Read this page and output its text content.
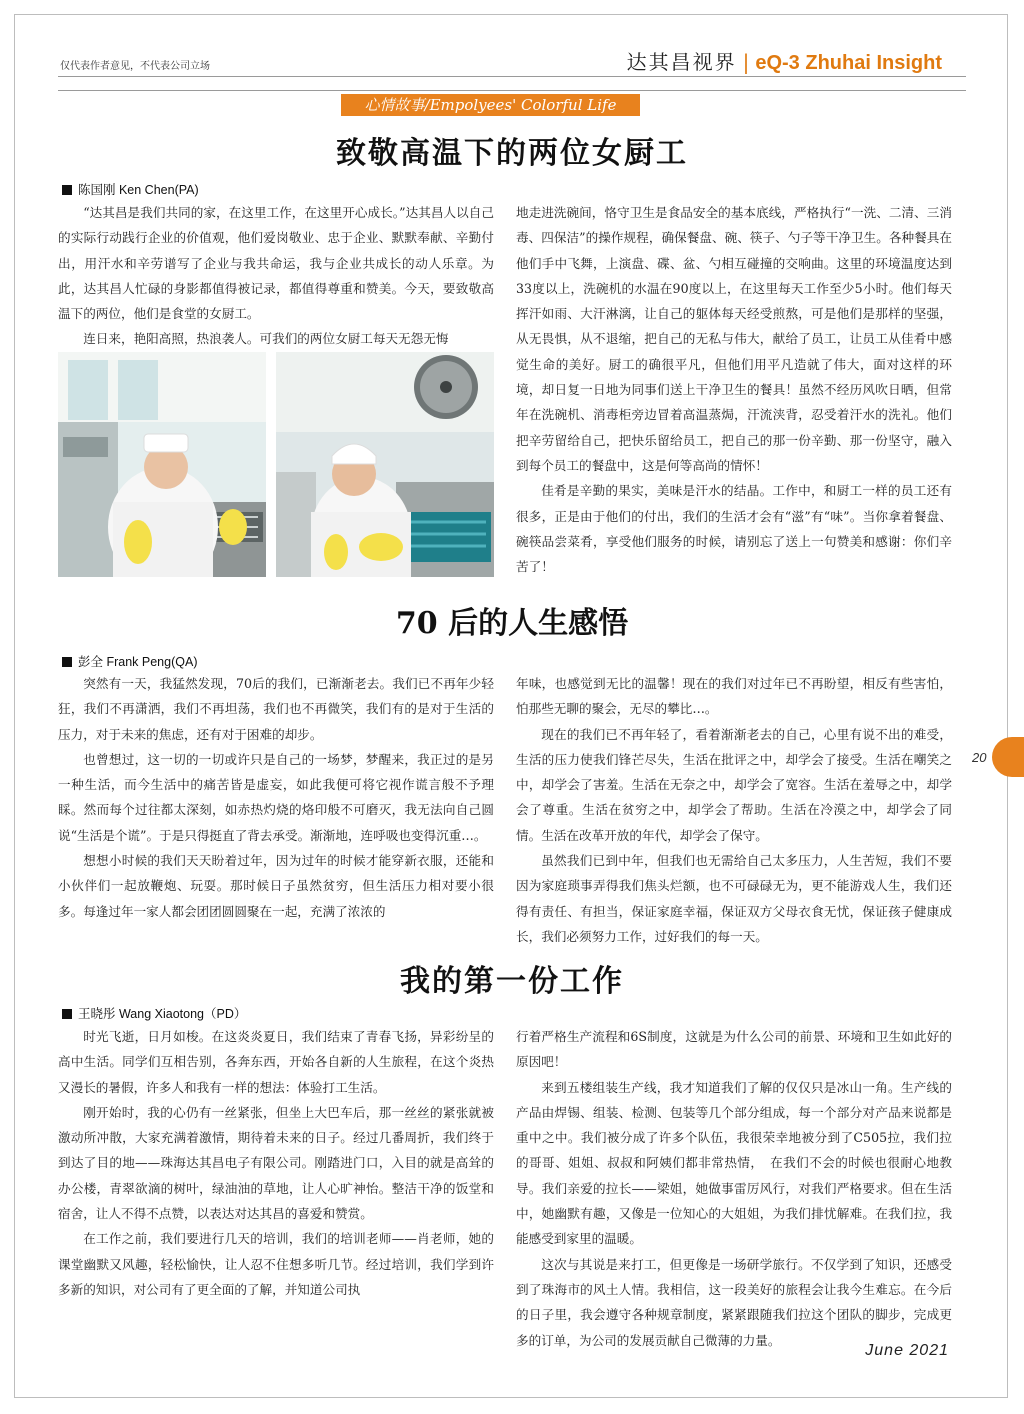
仅代表作者意见，不代表公司立场	达其昌视界 | eQ-3 Zhuhai Insight
心情故事/Empolyees' Colorful Life
致敬高温下的两位女厨工
陈国刚 Ken Chen(PA)

“达其昌是我们共同的家，在这里工作，在这里开心成长。”达其昌人以自己的实际行动践行企业的价值观，他们爱岗敬业、忠于企业、默默奉献、辛勤付出，用汗水和辛劳谱写了企业与我共命运，我与企业共成长的动人乐章。为此，达其昌人忙碌的身影都值得被记录，都值得尊重和赞美。今天，要致敬高温下的两位，他们是食堂的女厨工。

连日来，艳阳高照，热浪袭人。可我们的两位女厨工每天无怨无悔

地走进洗碗间，恪守卫生是食品安全的基本底线，严格执行“一洗、二清、三消毒、四保洁”的操作规程，确保餐盘、碗、筷子、勺子等干净卫生。各种餐具在他们手中飞舞，上演盘、碟、盆、勺相互碰撞的交响曲。这里的环境温度达到33度以上，洗碗机的水温在90度以上，在这里每天工作至少5小时。他们每天挥汗如雨、大汗淋漓，让自己的躯体每天经受煎熬，可是他们是那样的坚强，从无畏惧，从不退缩，把自己的无私与伟大，献给了员工，让员工从佳肴中感觉生命的美好。厨工的确很平凡，但他们用平凡造就了伟大，面对这样的环境，却日复一日地为同事们送上干净卫生的餐具！虽然不经历风吹日晒，但常年在洗碗机、消毒柜旁边冒着高温蒸焗，汗流浃背，忍受着汗水的洗礼。他们把辛劳留给自己，把快乐留给员工，把自己的那一份辛勤、那一份坚守，融入到每个员工的餐盘中，这是何等高尚的情怀！

佳肴是辛勤的果实，美味是汗水的结晶。工作中，和厨工一样的员工还有很多，正是由于他们的付出，我们的生活才会有“滋”有“味”。当你拿着餐盘、碗筷品尝菜肴，享受他们服务的时候，请别忘了送上一句赞美和感谢：你们辛苦了！

70 后的人生感悟
彭全 Frank Peng(QA)

突然有一天，我猛然发现，70后的我们，已渐渐老去。我们已不再年少轻狂，我们不再潇洒，我们不再坦荡，我们也不再微笑，我们有的是对于生活的压力，对于未来的焦虑，还有对于困难的却步。

也曾想过，这一切的一切或许只是自己的一场梦，梦醒来，我正过的是另一种生活，而今生活中的痛苦皆是虚妄，如此我便可将它视作谎言般不予理睬。然而每个过往都太深刻，如赤热灼烧的烙印般不可磨灭，我无法向自己圆说“生活是个谎”。于是只得挺直了背去承受。渐渐地，连呼吸也变得沉重…。

想想小时候的我们天天盼着过年，因为过年的时候才能穿新衣服，还能和小伙伴们一起放鞭炮、玩耍。那时候日子虽然贫穷，但生活压力相对要小很多。每逢过年一家人都会团团圆圆聚在一起，充满了浓浓的

年味，也感觉到无比的温馨！现在的我们对过年已不再盼望，相反有些害怕，怕那些无聊的聚会，无尽的攀比…。

现在的我们已不再年轻了，看着渐渐老去的自己，心里有说不出的难受，生活的压力使我们锋芒尽失，生活在批评之中，却学会了接受。生活在嘲笑之中，却学会了害羞。生活在无奈之中，却学会了宽容。生活在羞辱之中，却学会了尊重。生活在贫穷之中，却学会了帮助。生活在冷漠之中，却学会了同情。生活在改革开放的年代，却学会了保守。

虽然我们已到中年，但我们也无需给自己太多压力，人生苦短，我们不要因为家庭琐事弄得我们焦头烂额，也不可碌碌无为，更不能游戏人生，我们还得有责任、有担当，保证家庭幸福，保证双方父母衣食无忧，保证孩子健康成长，我们必须努力工作，过好我们的每一天。

我的第一份工作
王晓彤 Wang Xiaotong（PD）

时光飞逝，日月如梭。在这炎炎夏日，我们结束了青春飞扬，异彩纷呈的高中生活。同学们互相告别，各奔东西，开始各自新的人生旅程，在这个炎热又漫长的暑假，许多人和我有一样的想法：体验打工生活。

刚开始时，我的心仍有一丝紧张，但坐上大巴车后，那一丝丝的紧张就被激动所冲散，大家充满着激情，期待着未来的日子。经过几番周折，我们终于到达了目的地——珠海达其昌电子有限公司。刚踏进门口，入目的就是高耸的办公楼，青翠欲滴的树叶，绿油油的草地，让人心旷神怡。整洁干净的饭堂和宿舍，让人不得不点赞，以表达对达其昌的喜爱和赞赏。

在工作之前，我们要进行几天的培训，我们的培训老师——肖老师，她的课堂幽默又风趣，轻松愉快，让人忍不住想多听几节。经过培训，我们学到许多新的知识，对公司有了更全面的了解，并知道公司执

行着严格生产流程和6S制度，这就是为什么公司的前景、环境和卫生如此好的原因吧！

来到五楼组装生产线，我才知道我们了解的仅仅只是冰山一角。生产线的产品由焊锡、组装、检测、包装等几个部分组成，每一个部分对产品来说都是重中之中。我们被分成了许多个队伍，我很荣幸地被分到了C505拉，我们拉的哥哥、姐姐、叔叔和阿姨们都非常热情，　在我们不会的时候也很耐心地教导。我们亲爱的拉长——梁姐，她做事雷厉风行，对我们严格要求。但在生活中，她幽默有趣，又像是一位知心的大姐姐，为我们排忧解难。在我们拉，我能感受到家里的温暖。

这次与其说是来打工，但更像是一场研学旅行。不仅学到了知识，还感受到了珠海市的风土人情。我相信，这一段美好的旅程会让我今生难忘。在今后的日子里，我会遵守各种规章制度，紧紧跟随我们拉这个团队的脚步，完成更多的订单，为公司的发展贡献自己微薄的力量。

20
June 2021
